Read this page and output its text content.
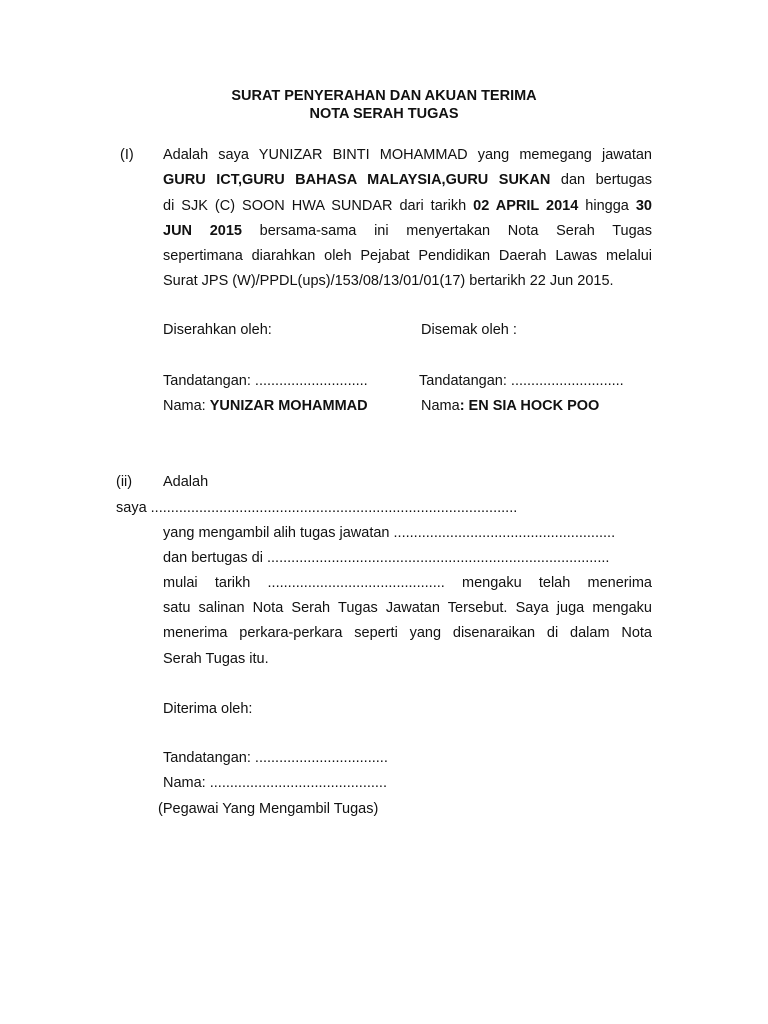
SURAT PENYERAHAN DAN AKUAN TERIMA
NOTA SERAH TUGAS
(I) Adalah saya YUNIZAR BINTI MOHAMMAD yang memegang jawatan
GURU ICT,GURU BAHASA MALAYSIA,GURU SUKAN dan bertugas
di SJK (C) SOON HWA SUNDAR dari tarikh 02 APRIL 2014 hingga 30
JUN 2015 bersama-sama ini menyertakan Nota Serah Tugas
sepertimana diarahkan oleh Pejabat Pendidikan Daerah Lawas melalui
Surat JPS (W)/PPDL(ups)/153/08/13/01/01(17) bertarikh 22 Jun 2015.
Diserahkan oleh:	Disemak oleh :
Tandatangan: ............................	Tandatangan: ............................
Nama: YUNIZAR MOHAMMAD	Nama: EN SIA HOCK POO
(ii) Adalah
saya ...........................................................................................
yang mengambil alih tugas jawatan .......................................................
dan bertugas di .....................................................................................
mulai tarikh ............................................ mengaku telah menerima
satu salinan Nota Serah Tugas Jawatan Tersebut. Saya juga mengaku
menerima perkara-perkara seperti yang disenaraikan di dalam Nota
Serah Tugas itu.
Diterima oleh:
Tandatangan: .................................
Nama: ............................................
(Pegawai Yang Mengambil Tugas)
